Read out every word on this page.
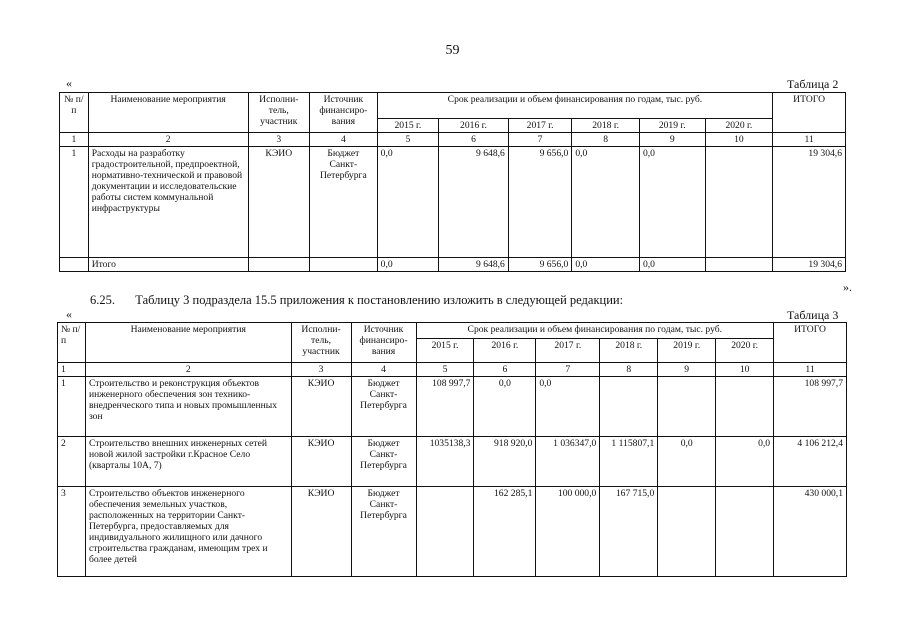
59
«	Таблица 2
№ п/п	Наименование мероприятия	Исполни-тель, участник	Источник финансиро-вания	Срок реализации и объем финансирования по годам, тыс. руб.						ИТОГО
				2015 г.	2016 г.	2017 г.	2018 г.	2019 г.	2020 г.	
1	2	3	4	5	6	7	8	9	10	11
1	Расходы на разработку градостроительной, предпроектной, нормативно-технической и правовой документации и исследовательские работы систем коммунальной инфраструктуры	КЭИО	Бюджет Санкт-Петербурга	0,0	9 648,6	9 656,0	0,0	0,0		19 304,6
	Итого			0,0	9 648,6	9 656,0	0,0	0,0		19 304,6
».
6.25. Таблицу 3 подраздела 15.5 приложения к постановлению изложить в следующей редакции:
«	Таблица 3
№ п/п	Наименование мероприятия	Исполни-тель, участник	Источник финансиро-вания	Срок реализации и объем финансирования по годам, тыс. руб.						ИТОГО
				2015 г.	2016 г.	2017 г.	2018 г.	2019 г.	2020 г.	
1	2	3	4	5	6	7	8	9	10	11
1	Строительство и реконструкция объектов инженерного обеспечения зон технико-внедренческого типа и новых промышленных зон	КЭИО	Бюджет Санкт-Петербурга	108 997,7	0,0	0,0				108 997,7
2	Строительство внешних инженерных сетей новой жилой застройки г.Красное Село (кварталы 10А, 7)	КЭИО	Бюджет Санкт-Петербурга	1035138,3	918 920,0	1 036347,0	1 115807,1	0,0	0,0	4 106 212,4
3	Строительство объектов инженерного обеспечения земельных участков, расположенных на территории Санкт-Петербурга, предоставляемых для индивидуального жилищного или дачного строительства гражданам, имеющим трех и более детей	КЭИО	Бюджет Санкт-Петербурга		162 285,1	100 000,0	167 715,0			430 000,1
